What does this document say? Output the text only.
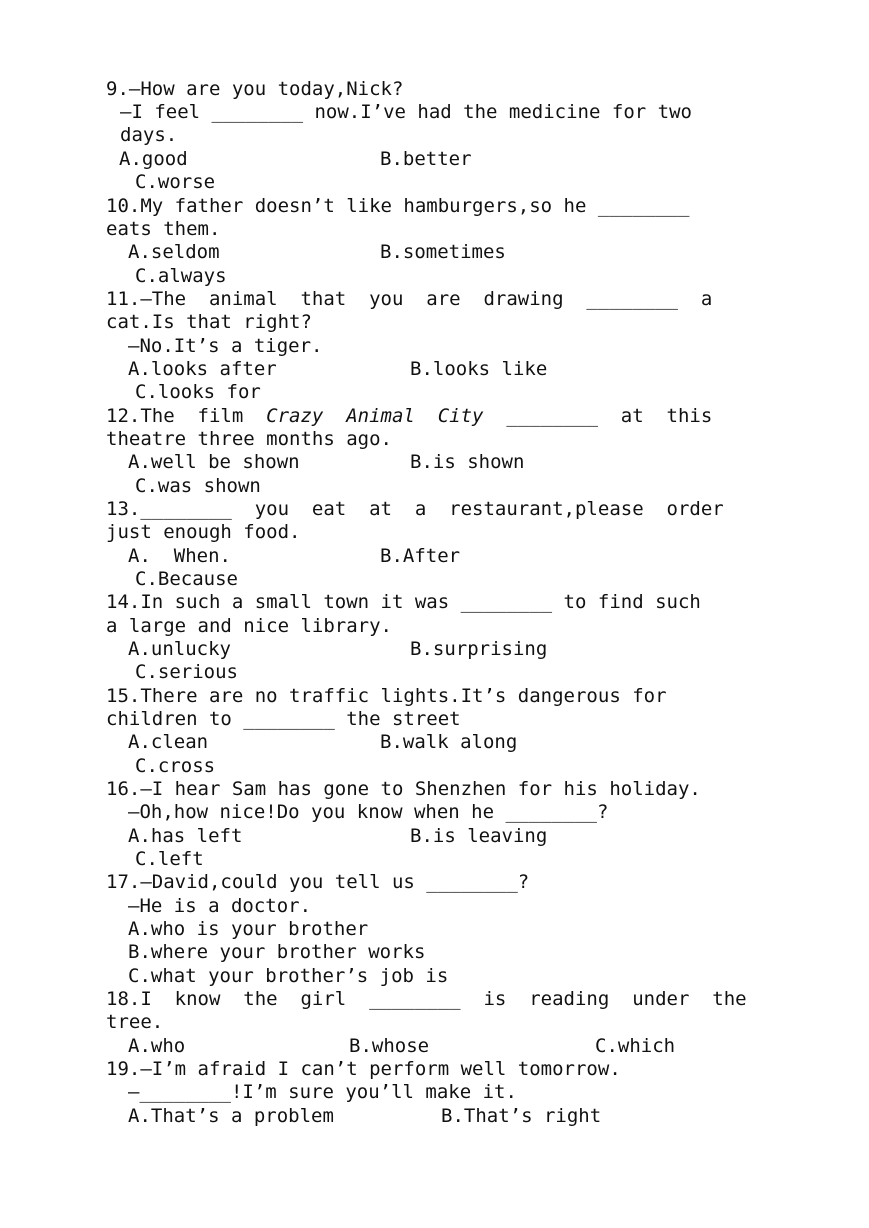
9.—How are you today,Nick?
—I feel ________ now.I’ve had the medicine for two
days.
A.good	B.better
C.worse
10.My father doesn’t like hamburgers,so he ________
eats them.
A.seldom	B.sometimes
C.always
11.—The  animal  that  you  are  drawing  ________  a
cat.Is that right?
—No.It’s a tiger.
A.looks after	B.looks like
C.looks for
12.The  film  Crazy  Animal  City  ________  at  this
theatre three months ago.
A.well be shown	B.is shown
C.was shown
13.________  you  eat  at  a  restaurant,please  order
just enough food.
A.  When.	B.After
C.Because
14.In such a small town it was ________ to find such
a large and nice library.
A.unlucky	B.surprising
C.serious
15.There are no traffic lights.It’s dangerous for
children to ________ the street
A.clean	B.walk along
C.cross
16.—I hear Sam has gone to Shenzhen for his holiday.
—Oh,how nice!Do you know when he ________?
A.has left	B.is leaving
C.left
17.—David,could you tell us ________?
—He is a doctor.
A.who is your brother
B.where your brother works
C.what your brother’s job is
18.I  know  the  girl  ________  is  reading  under  the
tree.
A.who	B.whose	C.which
19.—I’m afraid I can’t perform well tomorrow.
—________!I’m sure you’ll make it.
A.That’s a problem	B.That’s right
